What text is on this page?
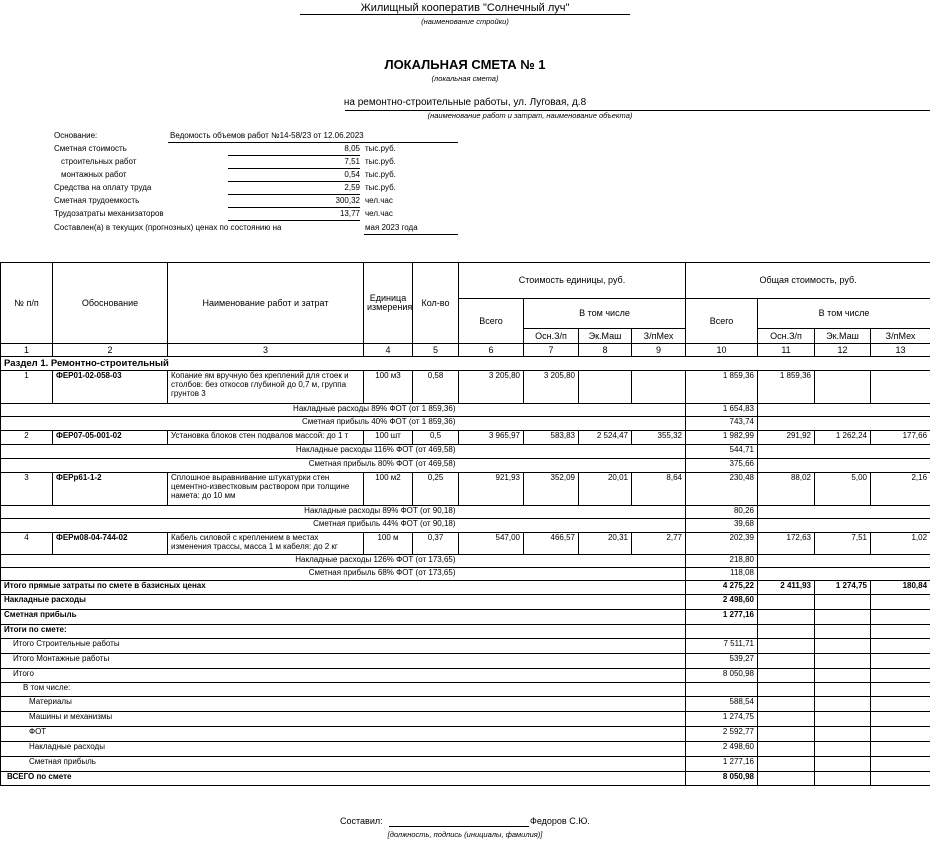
Жилищный кооператив "Солнечный луч"
(наименование стройки)
ЛОКАЛЬНАЯ СМЕТА № 1
(локальная смета)
на ремонтно-строительные работы, ул. Луговая, д.8
(наименование работ и затрат, наименование объекта)
Основание:	Ведомость объемов работ №14-58/23 от 12.06.2023
Сметная стоимость	8,05 тыс.руб.
строительных работ	7,51 тыс.руб.
монтажных работ	0,54 тыс.руб.
Средства на оплату труда	2,59 тыс.руб.
Сметная трудоемкость	300,32 чел.час
Трудозатраты механизаторов	13,77 чел.час
Составлен(а) в текущих (прогнозных) ценах по состоянию на	мая 2023 года
№ п/п	Обоснование	Наименование работ и затрат	Единица измерения	Кол-во	Стоимость единицы, руб.				Общая стоимость, руб.			
					Всего	В том числе			Всего	В том числе		
						Осн.З/п	Эк.Маш	З/пМех		Осн.З/п	Эк.Маш	З/пМех
1	2	3	4	5	6	7	8	9	10	11	12	13
Раздел 1. Ремонтно-строительный												
1	ФЕР01-02-058-03	Копание ям вручную без креплений для стоек и столбов: без откосов глубиной до 0,7 м, группа грунтов 3	100 м3	0,58	3 205,80	3 205,80			1 859,36	1 859,36		
Накладные расходы 89% ФОТ (от 1 859,36)									1 654,83			
Сметная прибыль 40% ФОТ (от 1 859,36)									743,74			
2	ФЕР07-05-001-02	Установка блоков стен подвалов массой: до 1 т	100 шт	0,5	3 965,97	583,83	2 524,47	355,32	1 982,99	291,92	1 262,24	177,66
Накладные расходы 116% ФОТ (от 469,58)									544,71			
Сметная прибыль 80% ФОТ (от 469,58)									375,66			
3	ФЕРр61-1-2	Сплошное выравнивание штукатурки стен цементно-известковым раствором при толщине намета: до 10 мм	100 м2	0,25	921,93	352,09	20,01	8,64	230,48	88,02	5,00	2,16
Накладные расходы 89% ФОТ (от 90,18)									80,26			
Сметная прибыль 44% ФОТ (от 90,18)									39,68			
4	ФЕРм08-04-744-02	Кабель силовой с креплением в местах изменения трассы, масса 1 м кабеля: до 2 кг	100 м	0,37	547,00	466,57	20,31	2,77	202,39	172,63	7,51	1,02
Накладные расходы 126% ФОТ (от 173,65)									218,80			
Сметная прибыль 68% ФОТ (от 173,65)									118,08			
Итого прямые затраты по смете в базисных ценах									4 275,22	2 411,93	1 274,75	180,84
Накладные расходы									2 498,60			
Сметная прибыль									1 277,16			
Итоги по смете:												
Итого Строительные работы									7 511,71			
Итого Монтажные работы									539,27			
Итого									8 050,98			
В том числе:												
Материалы									588,54			
Машины и механизмы									1 274,75			
ФОТ									2 592,77			
Накладные расходы									2 498,60			
Сметная прибыль									1 277,16			
ВСЕГО по смете									8 050,98			
Составил:	Федоров С.Ю.
[должность, подпись (инициалы, фамилия)]
